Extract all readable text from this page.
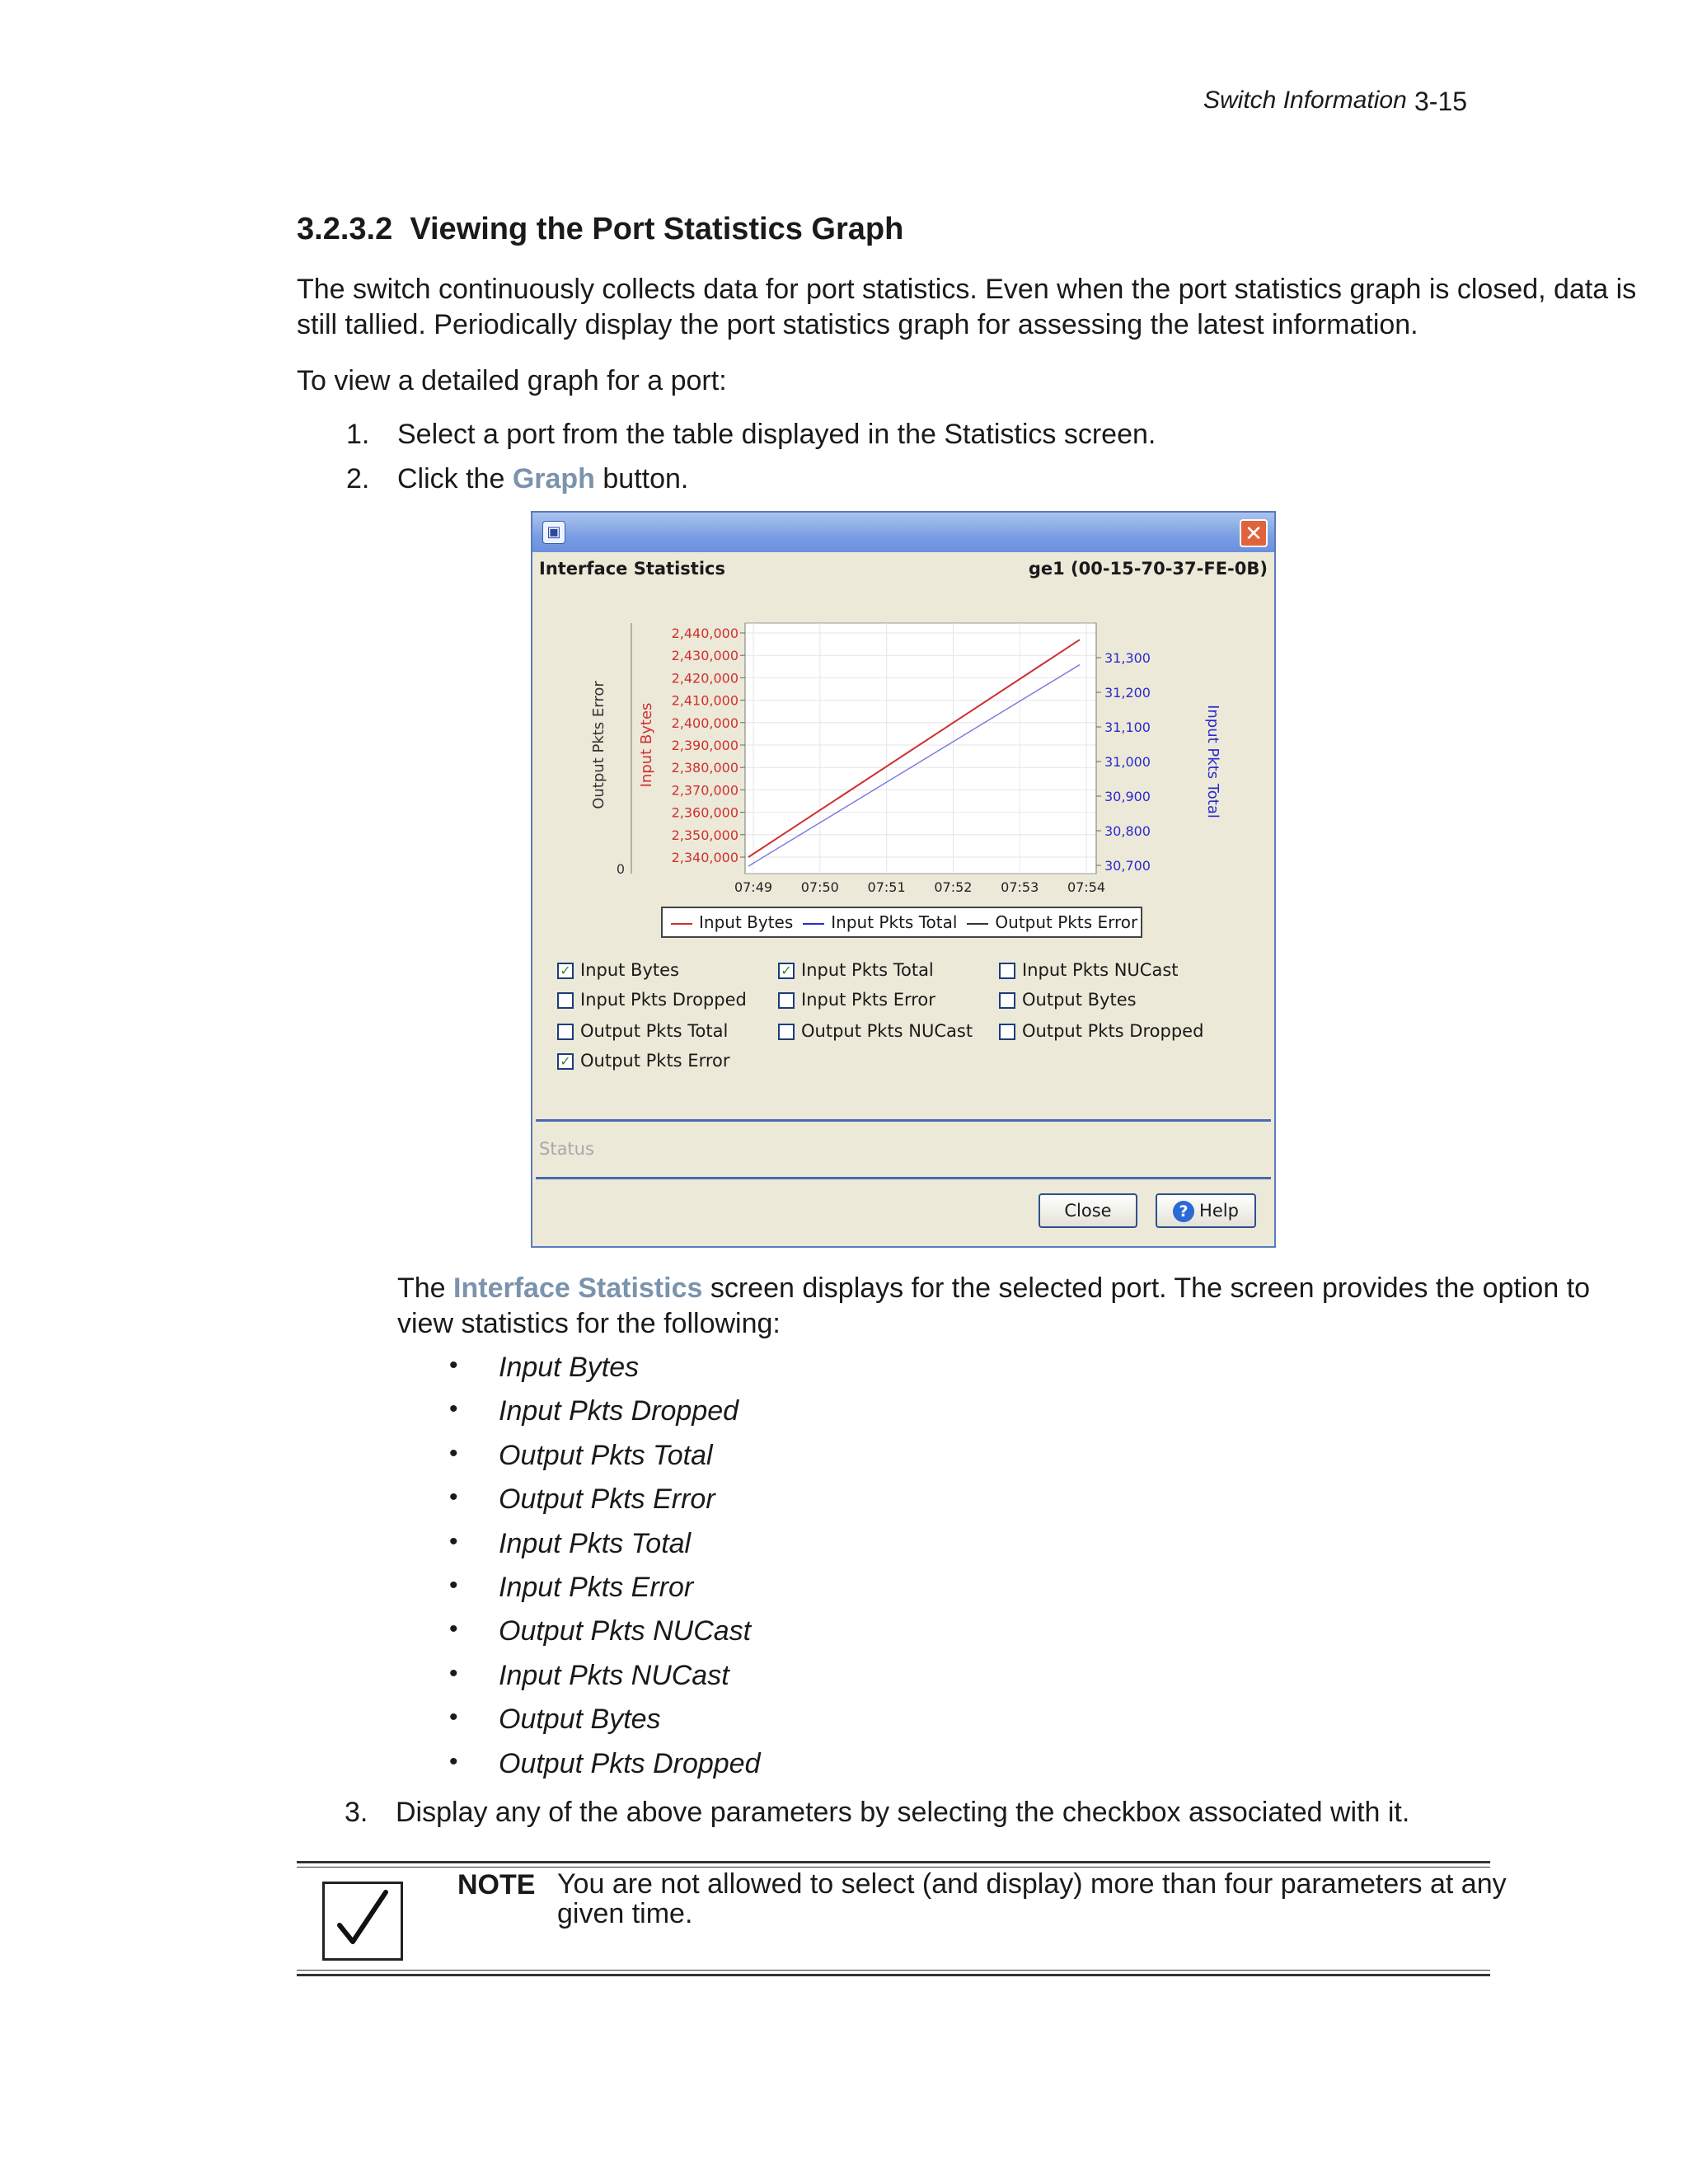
Switch Information 3-15
3.2.3.2 Viewing the Port Statistics Graph
The switch continuously collects data for port statistics. Even when the port statistics graph is closed, data is
still tallied. Periodically display the port statistics graph for assessing the latest information.
To view a detailed graph for a port:
1. Select a port from the table displayed in the Statistics screen.
2. Click the Graph button.
▣	✕
Interface Statistics	ge1 (00-15-70-37-FE-0B)
07:49 07:50 07:51 07:52 07:53 07:54
2,440,000
2,430,000
2,420,000
2,410,000
2,400,000
2,390,000
2,380,000
2,370,000
2,360,000
2,350,000
2,340,000
Input Bytes
0
Output Pkts Error
31,300
31,200
31,100
31,000
30,900
30,800
30,700
Input Pkts Total
Input Bytes Input Pkts Total Output Pkts Error
✓ Input Bytes	✓ Input Pkts Total	Input Pkts NUCast
Input Pkts Dropped	Input Pkts Error	Output Bytes
Output Pkts Total	Output Pkts NUCast	Output Pkts Dropped
✓ Output Pkts Error
Status
Close	? Help
The Interface Statistics screen displays for the selected port. The screen provides the option to
view statistics for the following:
• Input Bytes
• Input Pkts Dropped
• Output Pkts Total
• Output Pkts Error
• Input Pkts Total
• Input Pkts Error
• Output Pkts NUCast
• Input Pkts NUCast
• Output Bytes
• Output Pkts Dropped
3. Display any of the above parameters by selecting the checkbox associated with it.
NOTE You are not allowed to select (and display) more than four parameters at any
given time.
